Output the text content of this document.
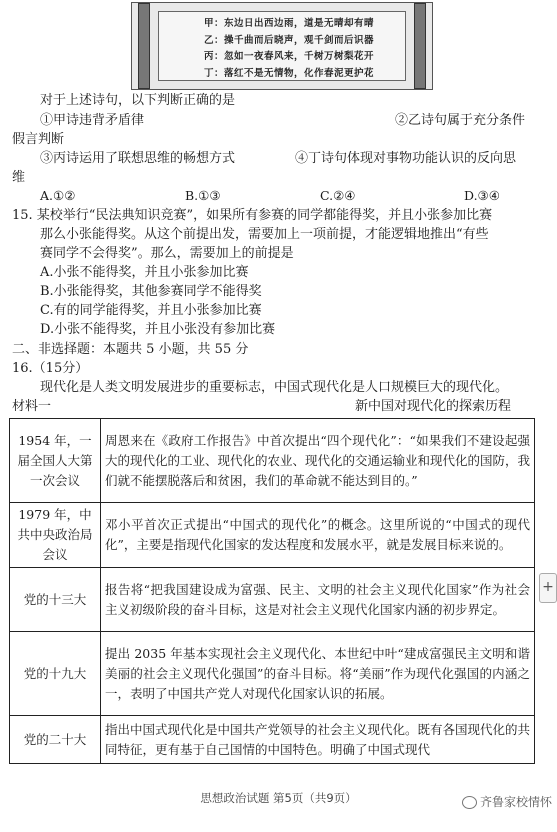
甲：东边日出西边雨，道是无晴却有晴
乙：操千曲而后晓声，观千剑而后识器
丙：忽如一夜春风来，千树万树梨花开
丁：落红不是无情物，化作春泥更护花
对于上述诗句，以下判断正确的是
①甲诗违背矛盾律	②乙诗句属于充分条件
假言判断
③丙诗运用了联想思维的畅想方式	④丁诗句体现对事物功能认识的反向思
维
A.①②	B.①③	C.②④	D.③④
15. 某校举行“民法典知识竞赛”，如果所有参赛的同学都能得奖，并且小张参加比赛
那么小张能得奖。从这个前提出发，需要加上一项前提，才能逻辑地推出“有些
赛同学不会得奖”。那么，需要加上的前提是
A.小张不能得奖，并且小张参加比赛
B.小张能得奖，其他参赛同学不能得奖
C.有的同学能得奖，并且小张参加比赛
D.小张不能得奖，并且小张没有参加比赛
二、非选择题：本题共 5 小题，共 55 分
16.（15分）
现代化是人类文明发展进步的重要标志，中国式现代化是人口规模巨大的现代化。
材料一	新中国对现代化的探索历程
1954 年，一届全国人大第一次会议	周恩来在《政府工作报告》中首次提出“四个现代化”：“如果我们不建设起强大的现代化的工业、现代化的农业、现代化的交通运输业和现代化的国防，我们就不能摆脱落后和贫困，我们的革命就不能达到目的。”
1979 年，中共中央政治局会议	邓小平首次正式提出“中国式的现代化”的概念。这里所说的“中国式的现代化”，主要是指现代化国家的发达程度和发展水平，就是发展目标来说的。
党的十三大	报告将“把我国建设成为富强、民主、文明的社会主义现代化国家”作为社会主义初级阶段的奋斗目标，这是对社会主义现代化国家内涵的初步界定。
党的十九大	提出 2035 年基本实现社会主义现代化、本世纪中叶“建成富强民主文明和谐美丽的社会主义现代化强国”的奋斗目标。将“美丽”作为现代化强国的内涵之一，表明了中国共产党人对现代化国家认识的拓展。
党的二十大	指出中国式现代化是中国共产党领导的社会主义现代化。既有各国现代化的共同特征，更有基于自己国情的中国特色。明确了中国式现代
+
思想政治试题 第5页（共9页）	齐鲁家校情怀
